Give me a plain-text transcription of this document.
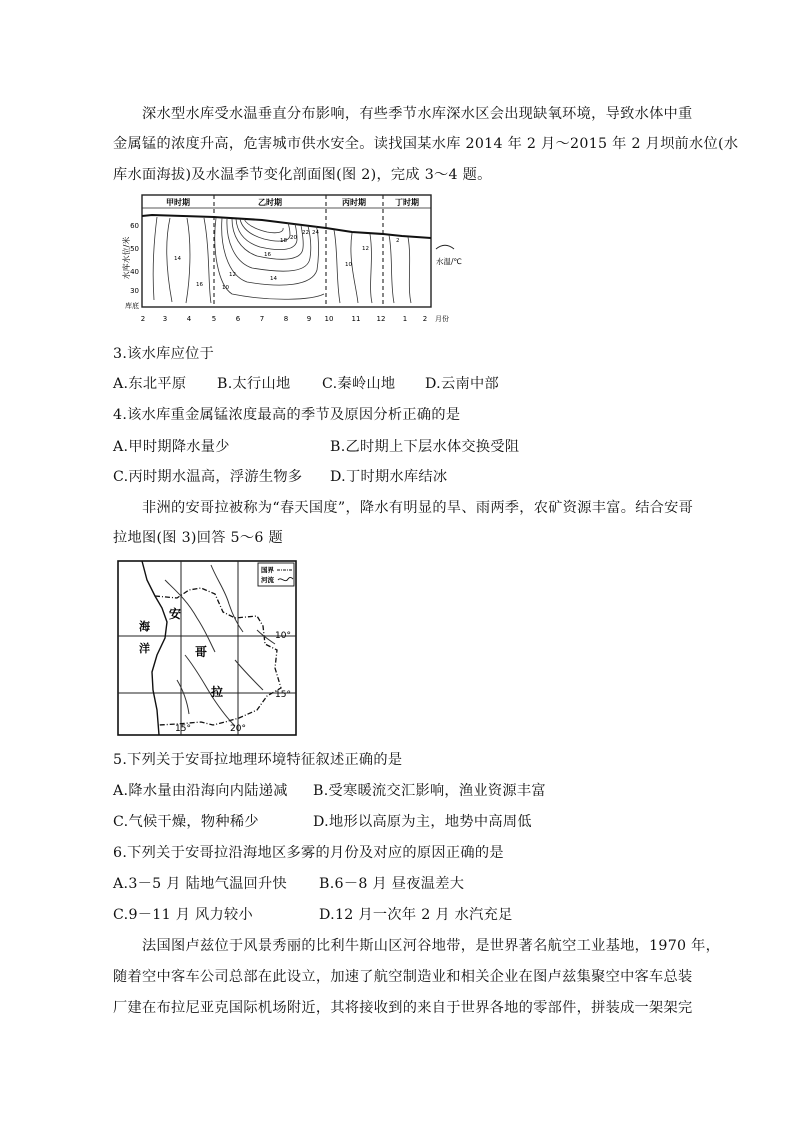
深水型水库受水温垂直分布影响，有些季节水库深水区会出现缺氧环境，导致水体中重
金属锰的浓度升高，危害城市供水安全。读找国某水库 2014 年 2 月～2015 年 2 月坝前水位(水
库水面海拔)及水温季节变化剖面图(图 2)，完成 3～4 题。
甲时期	乙时期	丙时期	丁时期
10
12
14
16
18 20
22 24
10
2
12
14
16
水库水位/米
60
50
40
30
库底
2	3	4	5	6	7	8	9 10	11 12 1 2 月份
水温/℃
3.该水库应位于
A.东北平原 B.太行山地 C.秦岭山地 D.云南中部
4.该水库重金属锰浓度最高的季节及原因分析正确的是
A.甲时期降水量少	B.乙时期上下层水体交换受阻
C.丙时期水温高，浮游生物多 D.丁时期水库结冰
非洲的安哥拉被称为“春天国度”，降水有明显的旱、雨两季，农矿资源丰富。结合安哥
拉地图(图 3)回答 5～6 题
国界
河流
海
洋
安
哥
拉
10°
15°
15°	20°
5.下列关于安哥拉地理环境特征叙述正确的是
A.降水量由沿海向内陆递减 B.受寒暖流交汇影响，渔业资源丰富
C.气候干燥，物种稀少	D.地形以高原为主，地势中高周低
6.下列关于安哥拉沿海地区多雾的月份及对应的原因正确的是
A.3－5 月 陆地气温回升快 B.6－8 月 昼夜温差大
C.9－11 月 风力较小	D.12 月一次年 2 月 水汽充足
法国图卢兹位于风景秀丽的比利牛斯山区河谷地带，是世界著名航空工业基地，1970 年，
随着空中客车公司总部在此设立，加速了航空制造业和相关企业在图卢兹集聚空中客车总装
厂建在布拉尼亚克国际机场附近，其将接收到的来自于世界各地的零部件，拼装成一架架完
